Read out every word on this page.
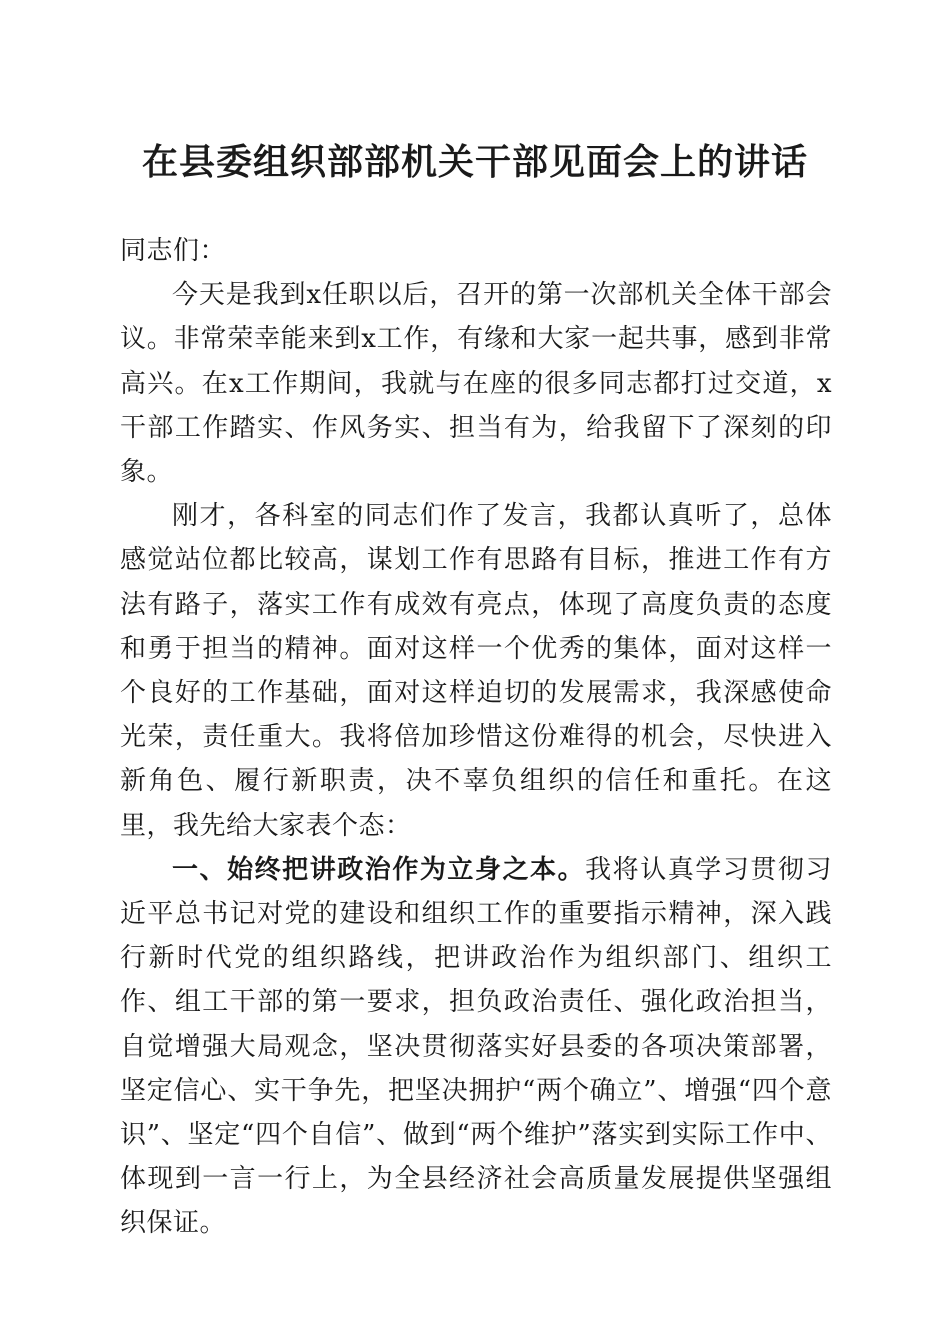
在县委组织部部机关干部见面会上的讲话

同志们：

今天是我到x任职以后，召开的第一次部机关全体干部会议。非常荣幸能来到x工作，有缘和大家一起共事，感到非常高兴。在x工作期间，我就与在座的很多同志都打过交道，x干部工作踏实、作风务实、担当有为，给我留下了深刻的印象。

刚才，各科室的同志们作了发言，我都认真听了，总体感觉站位都比较高，谋划工作有思路有目标，推进工作有方法有路子，落实工作有成效有亮点，体现了高度负责的态度和勇于担当的精神。面对这样一个优秀的集体，面对这样一个良好的工作基础，面对这样迫切的发展需求，我深感使命光荣，责任重大。我将倍加珍惜这份难得的机会，尽快进入新角色、履行新职责，决不辜负组织的信任和重托。在这里，我先给大家表个态：

一、始终把讲政治作为立身之本。我将认真学习贯彻习近平总书记对党的建设和组织工作的重要指示精神，深入践行新时代党的组织路线，把讲政治作为组织部门、组织工作、组工干部的第一要求，担负政治责任、强化政治担当，自觉增强大局观念，坚决贯彻落实好县委的各项决策部署，坚定信心、实干争先，把坚决拥护“两个确立”、增强“四个意识”、坚定“四个自信”、做到“两个维护”落实到实际工作中、体现到一言一行上，为全县经济社会高质量发展提供坚强组织保证。
